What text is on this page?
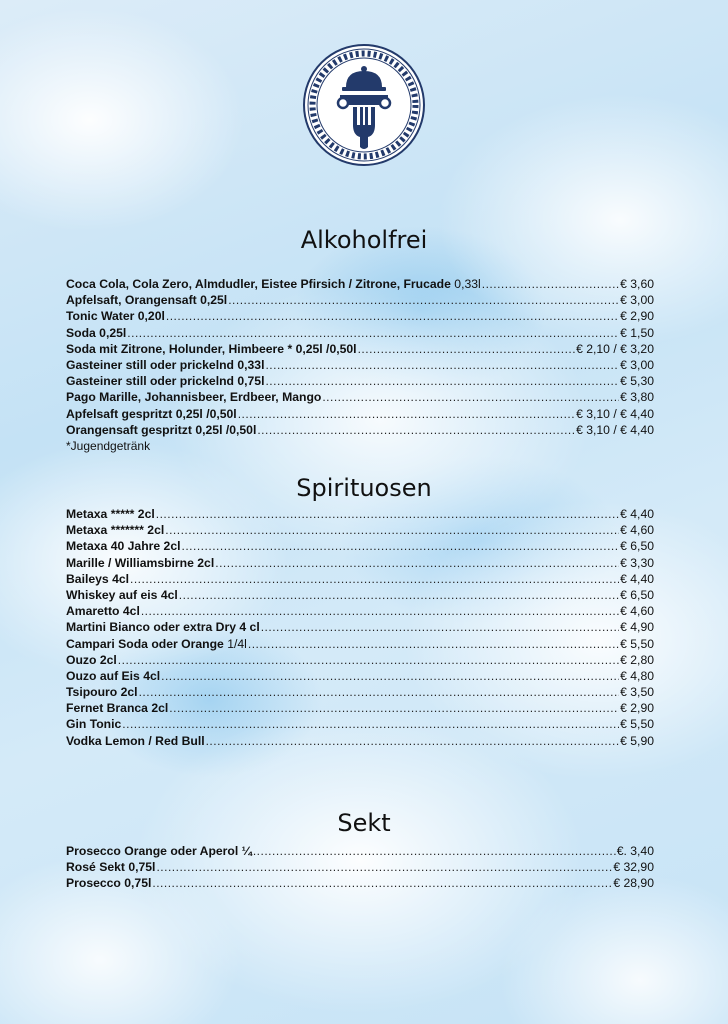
Alkoholfrei
Coca Cola, Cola Zero, Almdudler, Eistee Pfirsich / Zitrone, Frucade 0,33l .....	€ 3,60
Apfelsaft, Orangensaft 0,25l .....	€ 3,00
Tonic Water 0,20l .....	€ 2,90
Soda 0,25l .....	€ 1,50
Soda mit Zitrone, Holunder, Himbeere * 0,25l /0,50l .....	€ 2,10 / € 3,20
Gasteiner still oder prickelnd 0,33l .....	€ 3,00
Gasteiner still oder prickelnd 0,75l .....	€ 5,30
Pago Marille, Johannisbeer, Erdbeer, Mango .....	€ 3,80
Apfelsaft gespritzt 0,25l /0,50l .....	€ 3,10 / € 4,40
Orangensaft gespritzt 0,25l /0,50l .....	€ 3,10 / € 4,40
*Jugendgetränk
Spirituosen
Metaxa ***** 2cl .....	€ 4,40
Metaxa ******* 2cl .....	€ 4,60
Metaxa 40 Jahre 2cl .....	€ 6,50
Marille / Williamsbirne 2cl .....	€ 3,30
Baileys 4cl .....	€ 4,40
Whiskey auf eis 4cl .....	€ 6,50
Amaretto 4cl .....	€ 4,60
Martini Bianco oder extra Dry 4 cl .....	€ 4,90
Campari Soda oder Orange 1/4l .....	€ 5,50
Ouzo 2cl .....	€ 2,80
Ouzo auf Eis 4cl .....	€ 4,80
Tsipouro 2cl .....	€ 3,50
Fernet Branca 2cl .....	€ 2,90
Gin Tonic .....	€ 5,50
Vodka Lemon / Red Bull .....	€ 5,90
Sekt
Prosecco Orange oder Aperol ¼ .....	€. 3,40
Rosé Sekt 0,75l .....	€ 32,90
Prosecco 0,75l .....	€ 28,90
